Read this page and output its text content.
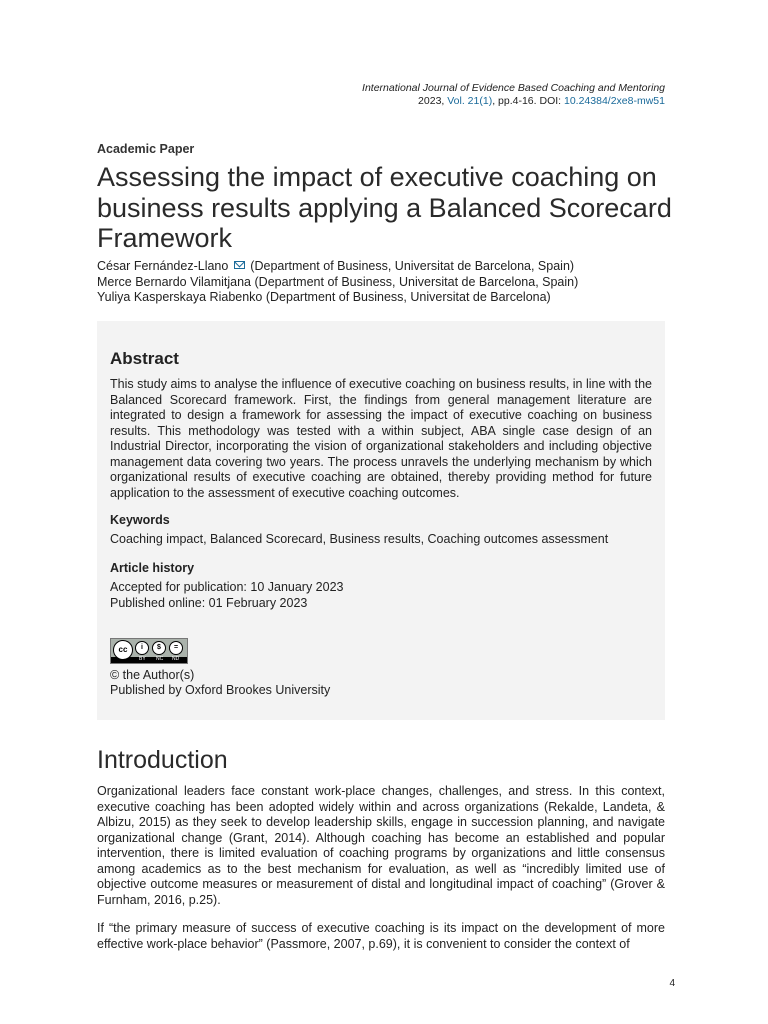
International Journal of Evidence Based Coaching and Mentoring
2023, Vol. 21(1), pp.4-16. DOI: 10.24384/2xe8-mw51
Academic Paper
Assessing the impact of executive coaching on business results applying a Balanced Scorecard Framework
César Fernández-Llano (Department of Business, Universitat de Barcelona, Spain)
Merce Bernardo Vilamitjana (Department of Business, Universitat de Barcelona, Spain)
Yuliya Kasperskaya Riabenko (Department of Business, Universitat de Barcelona)
Abstract
This study aims to analyse the influence of executive coaching on business results, in line with the Balanced Scorecard framework. First, the findings from general management literature are integrated to design a framework for assessing the impact of executive coaching on business results. This methodology was tested with a within subject, ABA single case design of an Industrial Director, incorporating the vision of organizational stakeholders and including objective management data covering two years. The process unravels the underlying mechanism by which organizational results of executive coaching are obtained, thereby providing method for future application to the assessment of executive coaching outcomes.
Keywords
Coaching impact, Balanced Scorecard, Business results, Coaching outcomes assessment
Article history
Accepted for publication: 10 January 2023
Published online: 01 February 2023
cc	i	$	=
BY NC ND
© the Author(s)
Published by Oxford Brookes University
Introduction

Organizational leaders face constant work-place changes, challenges, and stress. In this context, executive coaching has been adopted widely within and across organizations (Rekalde, Landeta, & Albizu, 2015) as they seek to develop leadership skills, engage in succession planning, and navigate organizational change (Grant, 2014). Although coaching has become an established and popular intervention, there is limited evaluation of coaching programs by organizations and little consensus among academics as to the best mechanism for evaluation, as well as “incredibly limited use of objective outcome measures or measurement of distal and longitudinal impact of coaching” (Grover & Furnham, 2016, p.25).

If “the primary measure of success of executive coaching is its impact on the development of more effective work-place behavior” (Passmore, 2007, p.69), it is convenient to consider the context of

4
